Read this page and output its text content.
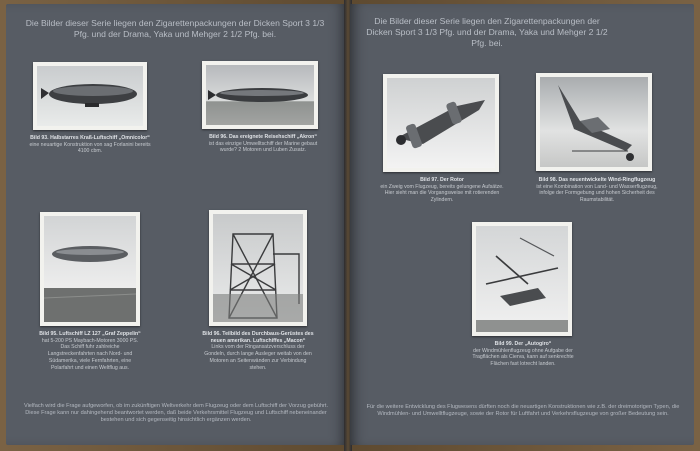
Die Bilder dieser Serie liegen den Zigarettenpackungen der Dicken Sport 3 1/3 Pfg. und der Drama, Yaka und Mehger 2 1/2 Pfg. bei.
Bild 93. Halbstarres Kraß-Luftschiff „Omnicolor“
eine neuartige Konstruktion von sag Forlanini bereits 4100 cbm.
Bild 96. Das ereignete Reisehschiff „Akron“
ist das einzige Umwelltschiff der Marine gebaut wurde? 2 Motoren und Luben Zusatz.
Bild 95. Luftschiff LZ 127 „Graf Zeppelin“
hat 5-200 PS Maybach-Motoren 3000 PS. Das Schiff fuhr zahlreiche Langstreckenfahrten nach Nord- und Südamerika, viele Fernfahrten, eine Polarfahrt und einen Weltflug aus.
Bild 96. Teilbild des Durchbaus-Gerüstes des neuen amerikan. Luftschiffes „Macon“
Links vom der Ringansatzverschluss der Gondeln, durch lange Ausleger weitab von den Motoren an Seitenwänden zur Verbindung stehen.
Vielfach wird die Frage aufgeworfen, ob im zukünftigen Weltverkehr dem Flugzeug oder dem Luftschiff der Vorzug gebührt. Diese Frage kann nur dahingehend beantwortet werden, daß beide Verkehrsmittel Flugzeug und Luftschiff nebeneinander bestehen und sich gegenseitig hinsichtlich ergänzen werden.
Die Bilder dieser Serie liegen den Zigarettenpackungen der Dicken Sport 3 1/3 Pfg. und der Drama, Yaka und Mehger 2 1/2 Pfg. bei.
Bild 97. Der Rotor
ein Zweig vom Flugzeug, bereits gelungene Aufsätze. Hier sieht man die Vorgangsweise mit rotierenden Zylindern.
Bild 98. Das neuentwickelte Wind-Ringflugzeug
ist eine Kombination von Land- und Wasserflugzeug, infolge der Formgebung und hohen Sicherheit des Raumstabilität.
Bild 99. Der „Autogiro“
der Windmühlenflugzeug ohne Aufgabe der Tragflächen als Cierva, kann auf senkrechte Flächen fast lotrecht landen.
Für die weitere Entwicklung des Flugwesens dürften noch die neuartigen Konstruktionen wie z.B. der dreimotorigen Typen, die Windmühlen- und Umwelltflugzeuge, sowie der Rotor für Luftfahrt und Verkehrsflugzeuge von großer Bedeutung sein.
